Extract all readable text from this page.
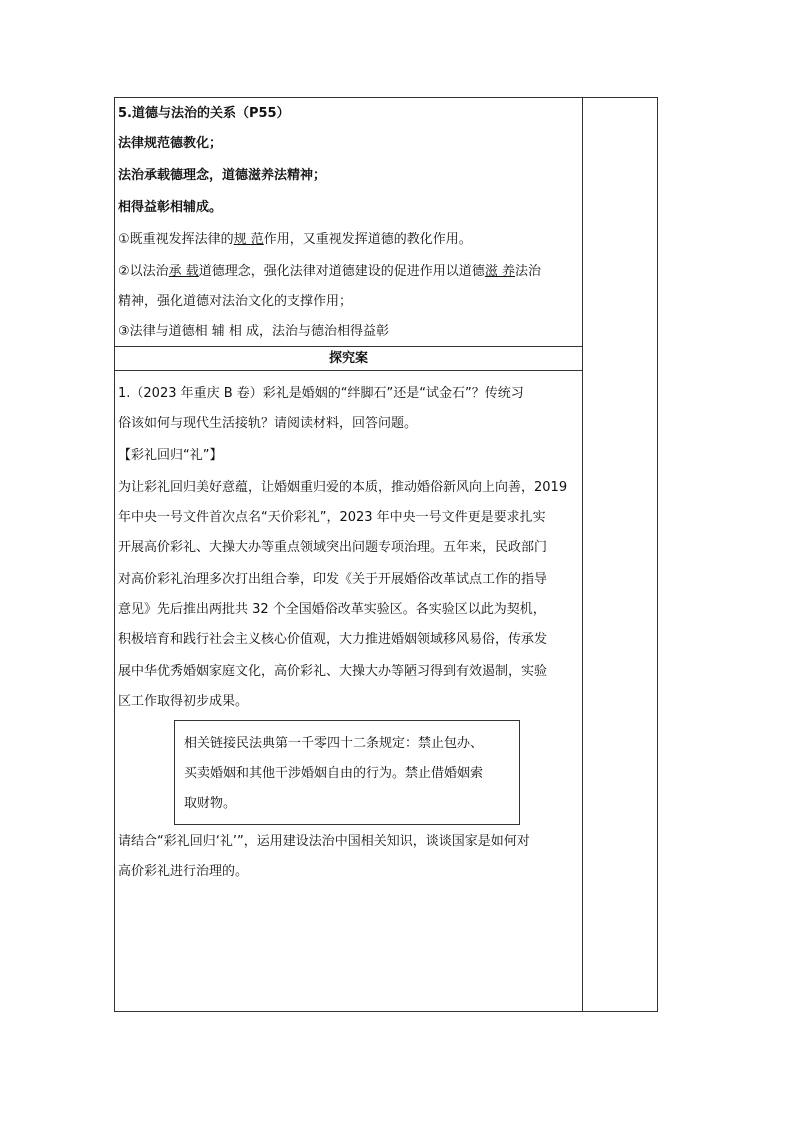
5.道德与法治的关系（P55）
法律规范德教化；
法治承载德理念，道德滋养法精神；
相得益彰相辅成。
①既重视发挥法律的规 范作用，又重视发挥道德的教化作用。
②以法治承 载道德理念，强化法律对道德建设的促进作用以道德滋 养法治
精神，强化道德对法治文化的支撑作用；
③法律与道德相 辅 相 成，法治与德治相得益彰
探究案
1.（2023 年重庆 B 卷）彩礼是婚姻的“绊脚石”还是“试金石”？传统习
俗该如何与现代生活接轨？请阅读材料，回答问题。
【彩礼回归“礼”】
为让彩礼回归美好意蕴，让婚姻重归爱的本质，推动婚俗新风向上向善，2019
年中央一号文件首次点名“天价彩礼”，2023 年中央一号文件更是要求扎实
开展高价彩礼、大操大办等重点领域突出问题专项治理。五年来，民政部门
对高价彩礼治理多次打出组合拳，印发《关于开展婚俗改革试点工作的指导
意见》先后推出两批共 32 个全国婚俗改革实验区。各实验区以此为契机，
积极培育和践行社会主义核心价值观，大力推进婚姻领域移风易俗，传承发
展中华优秀婚姻家庭文化，高价彩礼、大操大办等陋习得到有效遏制，实验
区工作取得初步成果。
相关链接民法典第一千零四十二条规定：禁止包办、
买卖婚姻和其他干涉婚姻自由的行为。禁止借婚姻索
取财物。
请结合“彩礼回归‘礼’”，运用建设法治中国相关知识，谈谈国家是如何对
高价彩礼进行治理的。
